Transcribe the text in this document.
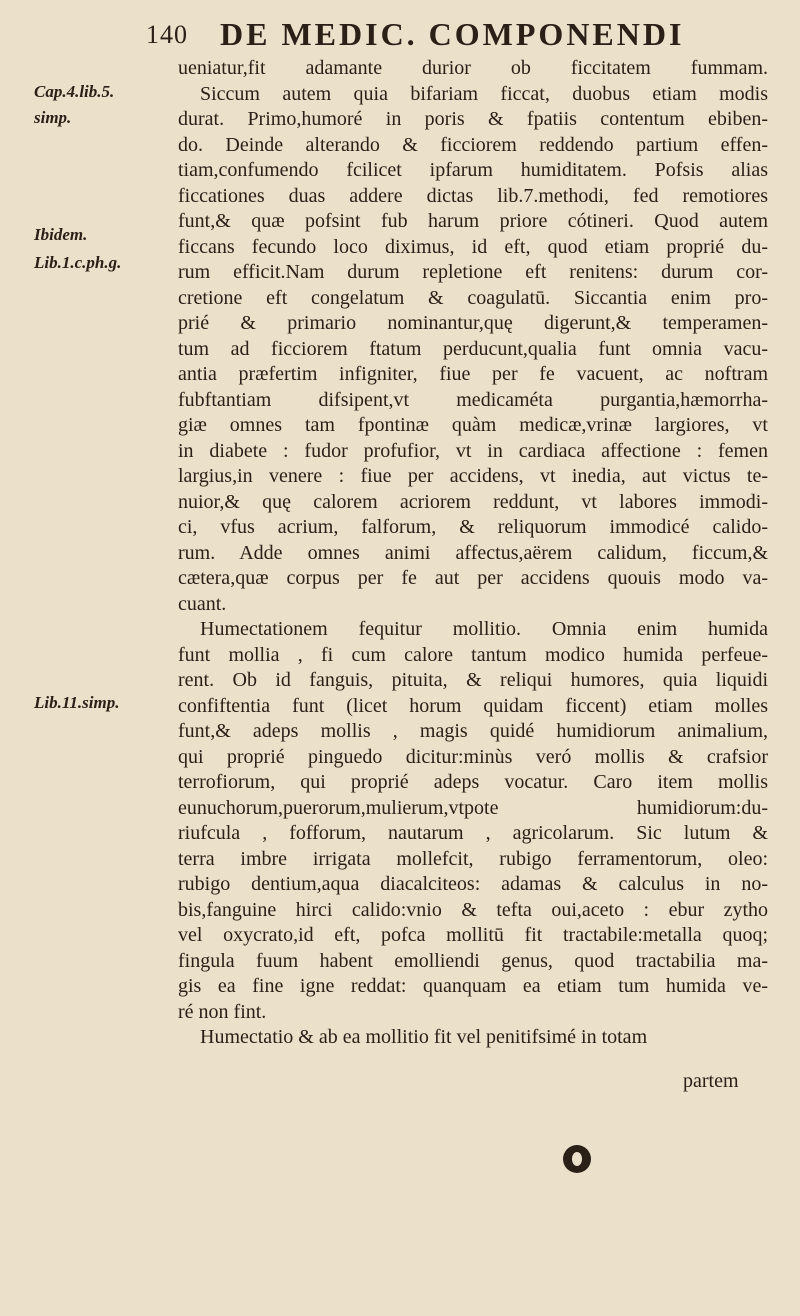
140 DE MEDIC. COMPONENDI
Cap.4.lib.5.
simp.
Ibidem.
Lib.1.c.ph.g.
Lib.11.simp.
ueniatur,fit adamante durior ob ficcitatem fummam.
Siccum autem quia bifariam ficcat, duobus etiam modis
durat. Primo,humoré in poris & fpatiis contentum ebiben-
do. Deinde alterando & ficciorem reddendo partium effen-
tiam,confumendo fcilicet ipfarum humiditatem. Pofsis alias
ficcationes duas addere dictas lib.7.methodi, fed remotiores
funt,& quæ pofsint fub harum priore cótineri. Quod autem
ficcans fecundo loco diximus, id eft, quod etiam proprié du-
rum efficit.Nam durum repletione eft renitens: durum cor-
cretione eft congelatum & coagulatū. Siccantia enim pro-
prié & primario nominantur,quę digerunt,& temperamen-
tum ad ficciorem ftatum perducunt,qualia funt omnia vacu-
antia præfertim infigniter, fiue per fe vacuent, ac noftram
fubftantiam difsipent,vt medicaméta purgantia,hæmorrha-
giæ omnes tam fpontinæ quàm medicæ,vrinæ largiores, vt
in diabete : fudor profufior, vt in cardiaca affectione : femen
largius,in venere : fiue per accidens, vt inedia, aut victus te-
nuior,& quę calorem acriorem reddunt, vt labores immodi-
ci, vfus acrium, falforum, & reliquorum immodicé calido-
rum. Adde omnes animi affectus,aërem calidum, ficcum,&
cætera,quæ corpus per fe aut per accidens quouis modo va-
cuant.
Humectationem fequitur mollitio. Omnia enim humida
funt mollia , fi cum calore tantum modico humida perfeue-
rent. Ob id fanguis, pituita, & reliqui humores, quia liquidi
confiftentia funt (licet horum quidam ficcent) etiam molles
funt,& adeps mollis , magis quidé humidiorum animalium,
qui proprié pinguedo dicitur:minùs veró mollis & crafsior
terrofiorum, qui proprié adeps vocatur. Caro item mollis
eunuchorum,puerorum,mulierum,vtpote humidiorum:du-
riufcula , fofforum, nautarum , agricolarum. Sic lutum &
terra imbre irrigata mollefcit, rubigo ferramentorum, oleo:
rubigo dentium,aqua diacalciteos: adamas & calculus in no-
bis,fanguine hirci calido:vnio & tefta oui,aceto : ebur zytho
vel oxycrato,id eft, pofca mollitū fit tractabile:metalla quoq;
fingula fuum habent emolliendi genus, quod tractabilia ma-
gis ea fine igne reddat: quanquam ea etiam tum humida ve-
ré non fint.
Humectatio & ab ea mollitio fit vel penitifsimé in totam
partem
